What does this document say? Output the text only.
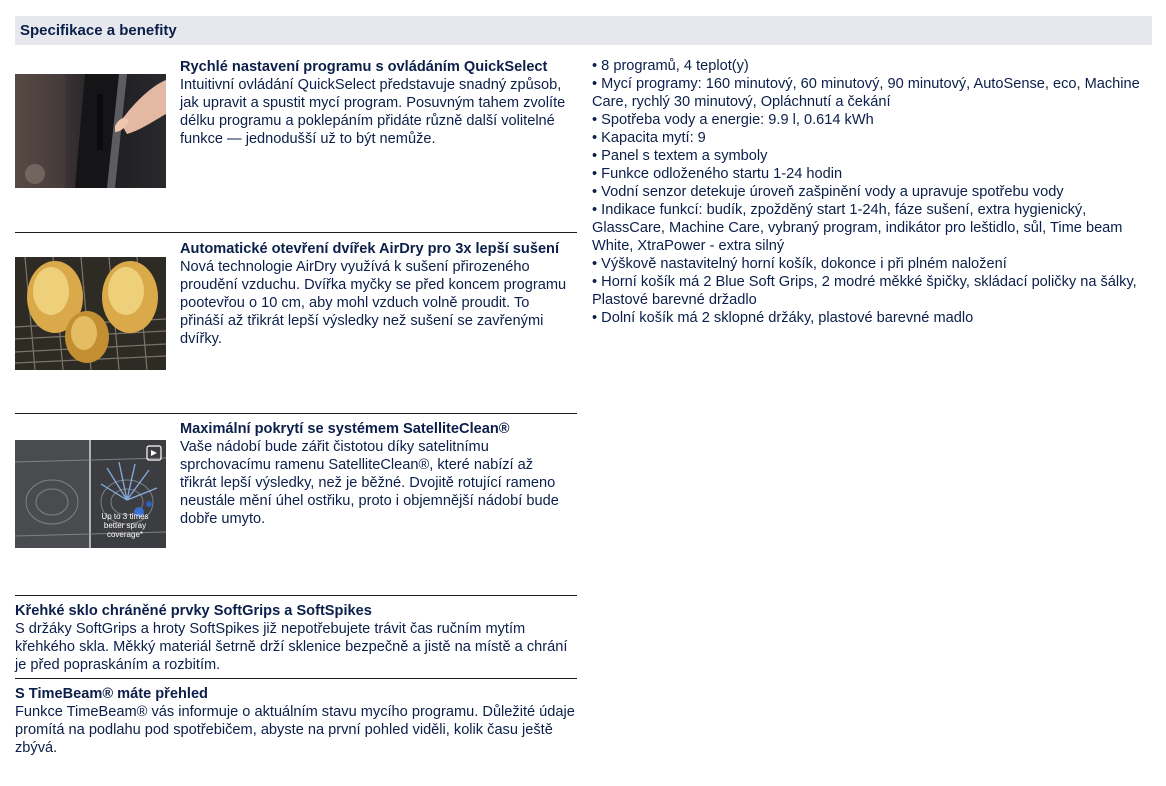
Specifikace a benefity
Rychlé nastavení programu s ovládáním QuickSelect
Intuitivní ovládání QuickSelect představuje snadný způsob, jak upravit a spustit mycí program. Posuvným tahem zvolíte délku programu a poklepáním přidáte různě další volitelné funkce — jednodušší už to být nemůže.
Automatické otevření dvířek AirDry pro 3x lepší sušení
Nová technologie AirDry využívá k sušení přirozeného proudění vzduchu. Dvířka myčky se před koncem programu pootevřou o 10 cm, aby mohl vzduch volně proudit. To přináší až třikrát lepší výsledky než sušení se zavřenými dvířky.
Up to 3 times better spray coverage*
Maximální pokrytí se systémem SatelliteClean®
Vaše nádobí bude zářit čistotou díky satelitnímu sprchovacímu ramenu SatelliteClean®, které nabízí až třikrát lepší výsledky, než je běžné. Dvojitě rotující rameno neustále mění úhel ostřiku, proto i objemnější nádobí bude dobře umyto.
Křehké sklo chráněné prvky SoftGrips a SoftSpikes
S držáky SoftGrips a hroty SoftSpikes již nepotřebujete trávit čas ručním mytím křehkého skla. Měkký materiál šetrně drží sklenice bezpečně a jistě na místě a chrání je před popraskáním a rozbitím.
S TimeBeam® máte přehled
Funkce TimeBeam® vás informuje o aktuálním stavu mycího programu. Důležité údaje promítá na podlahu pod spotřebičem, abyste na první pohled viděli, kolik času ještě zbývá.

• 8 programů, 4 teplot(y)

• Mycí programy: 160 minutový, 60 minutový, 90 minutový, AutoSense, eco, Machine Care, rychlý 30 minutový, Opláchnutí a čekání

• Spotřeba vody a energie: 9.9 l, 0.614 kWh

• Kapacita mytí: 9

• Panel s textem a symboly

• Funkce odloženého startu 1-24 hodin

• Vodní senzor detekuje úroveň zašpinění vody a upravuje spotřebu vody

• Indikace funkcí: budík, zpožděný start 1-24h, fáze sušení, extra hygienický, GlassCare, Machine Care, vybraný program, indikátor pro leštidlo, sůl, Time beam White, XtraPower - extra silný

• Výškově nastavitelný horní košík, dokonce i při plném naložení

• Horní košík má 2 Blue Soft Grips, 2 modré měkké špičky, skládací poličky na šálky, Plastové barevné držadlo

• Dolní košík má 2 sklopné držáky, plastové barevné madlo
